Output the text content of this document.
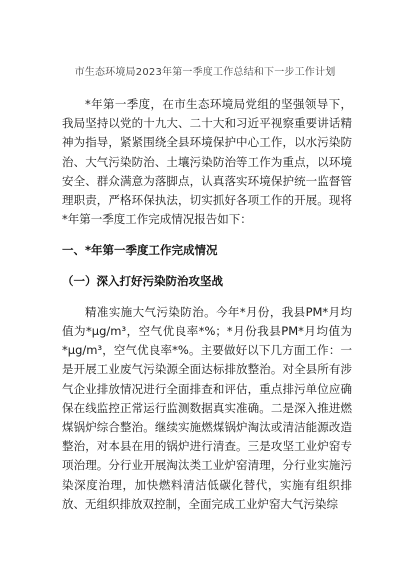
市生态环境局2023年第一季度工作总结和下一步工作计划

*年第一季度，在市生态环境局党组的坚强领导下，我局坚持以党的十九大、二十大和习近平视察重要讲话精神为指导，紧紧围绕全县环境保护中心工作，以水污染防治、大气污染防治、土壤污染防治等工作为重点，以环境安全、群众满意为落脚点，认真落实环境保护统一监督管理职责，严格环保执法，切实抓好各项工作的开展。现将*年第一季度工作完成情况报告如下：

一、*年第一季度工作完成情况

（一）深入打好污染防治攻坚战

精准实施大气污染防治。今年*月份，我县PM*月均值为*μg/m³，空气优良率*%；*月份我县PM*月均值为*μg/m³，空气优良率*%。主要做好以下几方面工作：一是开展工业废气污染源全面达标排放整治。对全县所有涉气企业排放情况进行全面排查和评估，重点排污单位应确保在线监控正常运行监测数据真实准确。二是深入推进燃煤锅炉综合整治。继续实施燃煤锅炉淘汰或清洁能源改造整治，对本县在用的锅炉进行清查。三是攻坚工业炉窑专项治理。分行业开展淘汰类工业炉窑清理，分行业实施污染深度治理，加快燃料清洁低碳化替代，实施有组织排放、无组织排放双控制，全面完成工业炉窑大气污染综
